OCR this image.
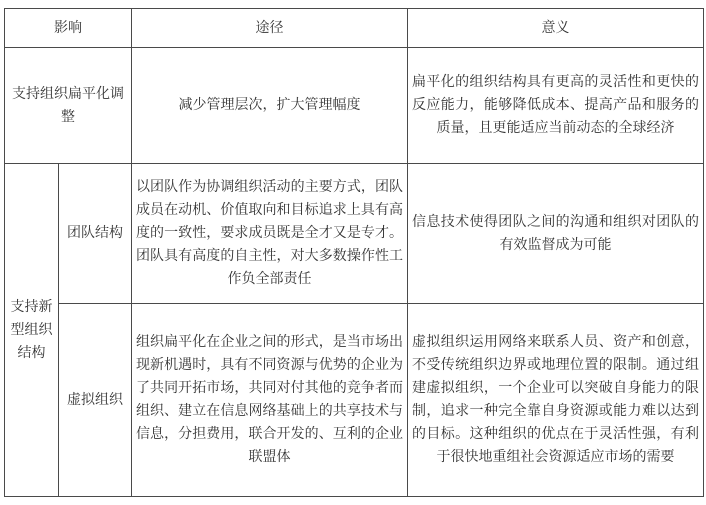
影响		途径	意义
支持组织扁平化调整		减少管理层次，扩大管理幅度	扁平化的组织结构具有更高的灵活性和更快的反应能力，能够降低成本、提高产品和服务的质量，且更能适应当前动态的全球经济
支持新型组织结构	团队结构	以团队作为协调组织活动的主要方式，团队成员在动机、价值取向和目标追求上具有高度的一致性，要求成员既是全才又是专才。团队具有高度的自主性，对大多数操作性工作负全部责任	信息技术使得团队之间的沟通和组织对团队的有效监督成为可能
	虚拟组织	组织扁平化在企业之间的形式，是当市场出现新机遇时，具有不同资源与优势的企业为了共同开拓市场，共同对付其他的竞争者而组织、建立在信息网络基础上的共享技术与信息，分担费用，联合开发的、互利的企业联盟体	虚拟组织运用网络来联系人员、资产和创意，不受传统组织边界或地理位置的限制。通过组建虚拟组织，一个企业可以突破自身能力的限制，追求一种完全靠自身资源或能力难以达到的目标。这种组织的优点在于灵活性强，有利于很快地重组社会资源适应市场的需要
